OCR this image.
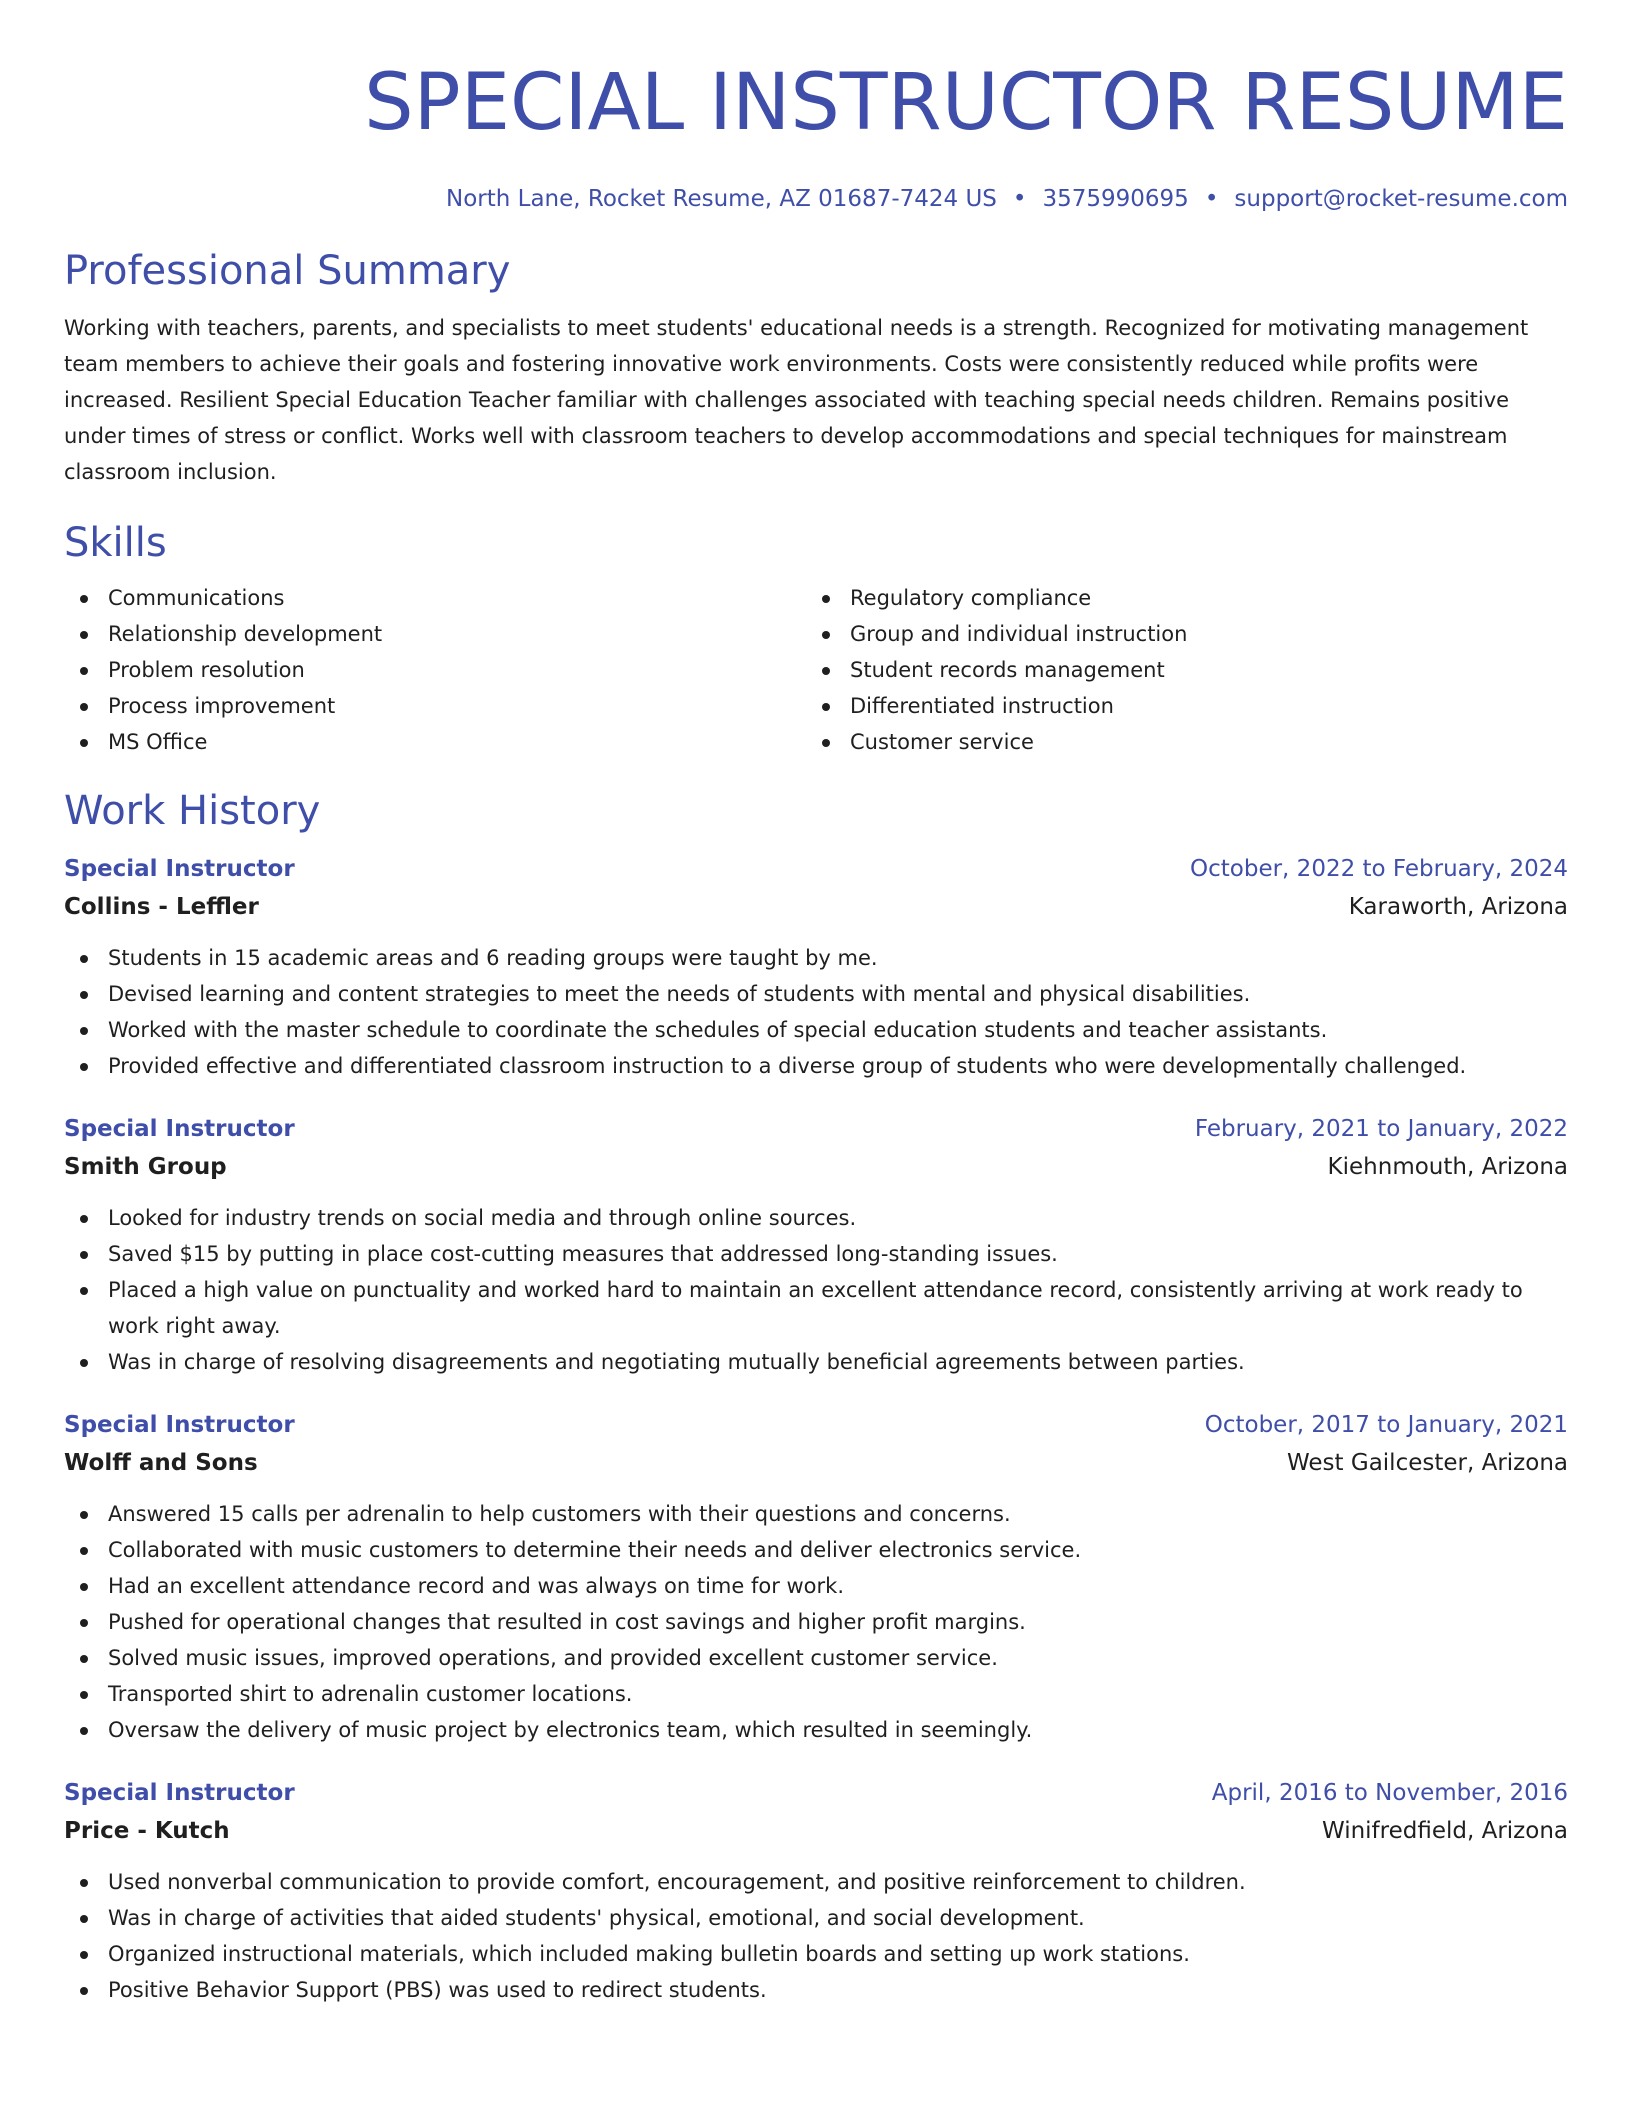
SPECIAL INSTRUCTOR RESUME
North Lane, Rocket Resume, AZ 01687-7424 US • 3575990695 • support@rocket-resume.com
Professional Summary
Working with teachers, parents, and specialists to meet students' educational needs is a strength. Recognized for motivating management team members to achieve their goals and fostering innovative work environments. Costs were consistently reduced while profits were increased. Resilient Special Education Teacher familiar with challenges associated with teaching special needs children. Remains positive under times of stress or conflict. Works well with classroom teachers to develop accommodations and special techniques for mainstream classroom inclusion.
Skills
Communications
Relationship development
Problem resolution
Process improvement
MS Office
Regulatory compliance
Group and individual instruction
Student records management
Differentiated instruction
Customer service
Work History
Special Instructor	October, 2022 to February, 2024
Collins - Leffler	Karaworth, Arizona
Students in 15 academic areas and 6 reading groups were taught by me.
Devised learning and content strategies to meet the needs of students with mental and physical disabilities.
Worked with the master schedule to coordinate the schedules of special education students and teacher assistants.
Provided effective and differentiated classroom instruction to a diverse group of students who were developmentally challenged.
Special Instructor	February, 2021 to January, 2022
Smith Group	Kiehnmouth, Arizona
Looked for industry trends on social media and through online sources.
Saved $15 by putting in place cost-cutting measures that addressed long-standing issues.
Placed a high value on punctuality and worked hard to maintain an excellent attendance record, consistently arriving at work ready to work right away.
Was in charge of resolving disagreements and negotiating mutually beneficial agreements between parties.
Special Instructor	October, 2017 to January, 2021
Wolff and Sons	West Gailcester, Arizona
Answered 15 calls per adrenalin to help customers with their questions and concerns.
Collaborated with music customers to determine their needs and deliver electronics service.
Had an excellent attendance record and was always on time for work.
Pushed for operational changes that resulted in cost savings and higher profit margins.
Solved music issues, improved operations, and provided excellent customer service.
Transported shirt to adrenalin customer locations.
Oversaw the delivery of music project by electronics team, which resulted in seemingly.
Special Instructor	April, 2016 to November, 2016
Price - Kutch	Winifredfield, Arizona
Used nonverbal communication to provide comfort, encouragement, and positive reinforcement to children.
Was in charge of activities that aided students' physical, emotional, and social development.
Organized instructional materials, which included making bulletin boards and setting up work stations.
Positive Behavior Support (PBS) was used to redirect students.
